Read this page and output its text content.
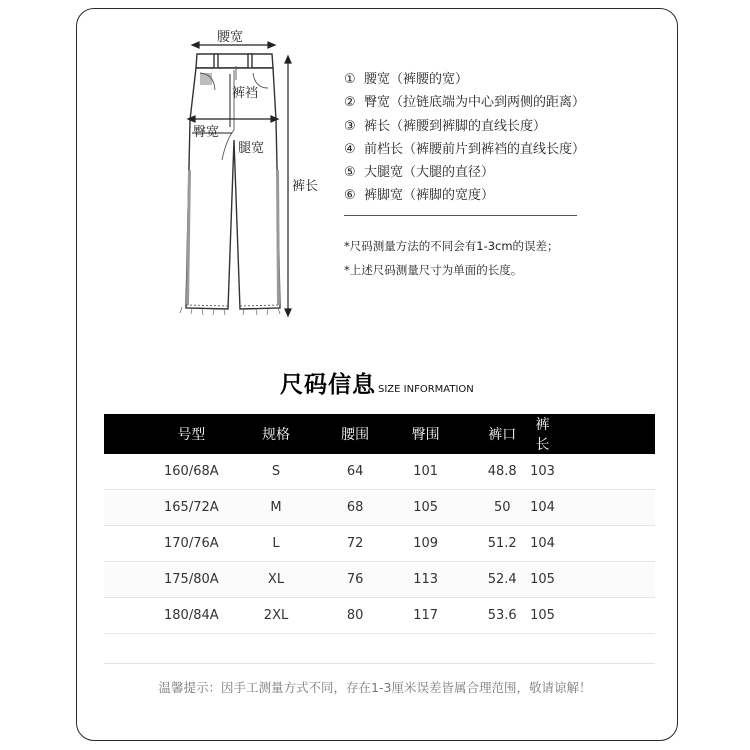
腰宽
裤裆
臀宽
腿宽
裤长
① 腰宽（裤腰的宽）
② 臀宽（拉链底端为中心到两侧的距离）
③ 裤长（裤腰到裤脚的直线长度）
④ 前档长（裤腰前片到裤裆的直线长度）
⑤ 大腿宽（大腿的直径）
⑥ 裤脚宽（裤脚的宽度）
*尺码测量方法的不同会有1-3cm的误差；
*上述尺码测量尺寸为单面的长度。
尺码信息 SIZE INFORMATION
号型	规格	腰围	臀围	裤口	裤长
160/68A	S	64	101	48.8	103
165/72A	M	68	105	50	104
170/76A	L	72	109	51.2	104
175/80A	XL	76	113	52.4	105
180/84A	2XL	80	117	53.6	105
温馨提示：因手工测量方式不同，存在1-3厘米误差皆属合理范围，敬请谅解！
